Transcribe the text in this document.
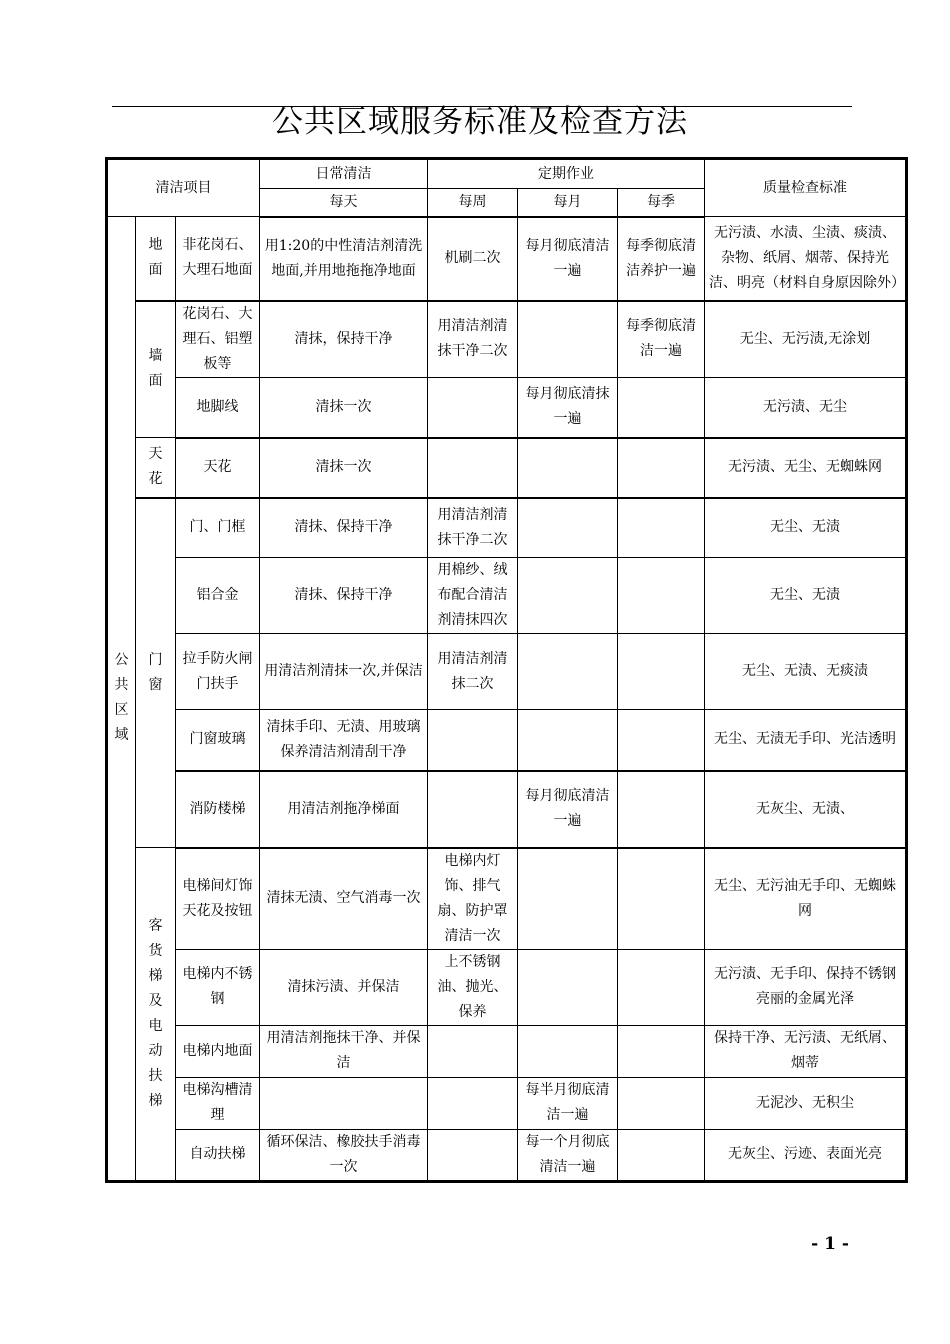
公共区域服务标准及检查方法
清洁项目			日常清洁	定期作业			质量检查标准
			每天	每周	每月	每季	

公共区域	地面	非花岗石、大理石地面	用1:20的中性清洁剂清洗地面,并用地拖拖净地面	机刷二次	每月彻底清洁一遍	每季彻底清洁养护一遍	无污渍、水渍、尘渍、痰渍、杂物、纸屑、烟蒂、保持光洁、明亮（材料自身原因除外）

	墙面	花岗石、大理石、铝塑板等	清抹，保持干净	用清洁剂清抹干净二次		每季彻底清洁一遍	无尘、无污渍,无涂划
		地脚线	清抹一次		每月彻底清抹一遍		无污渍、无尘

	天花	天花	清抹一次				无污渍、无尘、无蜘蛛网

	门窗	门、门框	清抹、保持干净	用清洁剂清抹干净二次			无尘、无渍
		铝合金	清抹、保持干净	用棉纱、绒布配合清洁剂清抹四次			无尘、无渍
		拉手防火闸门扶手	用清洁剂清抹一次,并保洁	用清洁剂清抹二次			无尘、无渍、无痰渍
		门窗玻璃	清抹手印、无渍、用玻璃保养清洁剂清刮干净				无尘、无渍无手印、光洁透明
		消防楼梯	用清洁剂拖净梯面		每月彻底清洁一遍		无灰尘、无渍、

	客货梯及电动扶梯	电梯间灯饰天花及按钮	清抹无渍、空气消毒一次	电梯内灯饰、排气扇、防护罩清洁一次			无尘、无污油无手印、无蜘蛛网
		电梯内不锈钢	清抹污渍、并保洁	上不锈钢油、抛光、保养			无污渍、无手印、保持不锈钢亮丽的金属光泽
		电梯内地面	用清洁剂拖抹干净、并保洁				保持干净、无污渍、无纸屑、烟蒂
		电梯沟槽清理			每半月彻底清洁一遍		无泥沙、无积尘
		自动扶梯	循环保洁、橡胶扶手消毒一次		每一个月彻底清洁一遍		无灰尘、污迹、表面光亮
- 1 -
